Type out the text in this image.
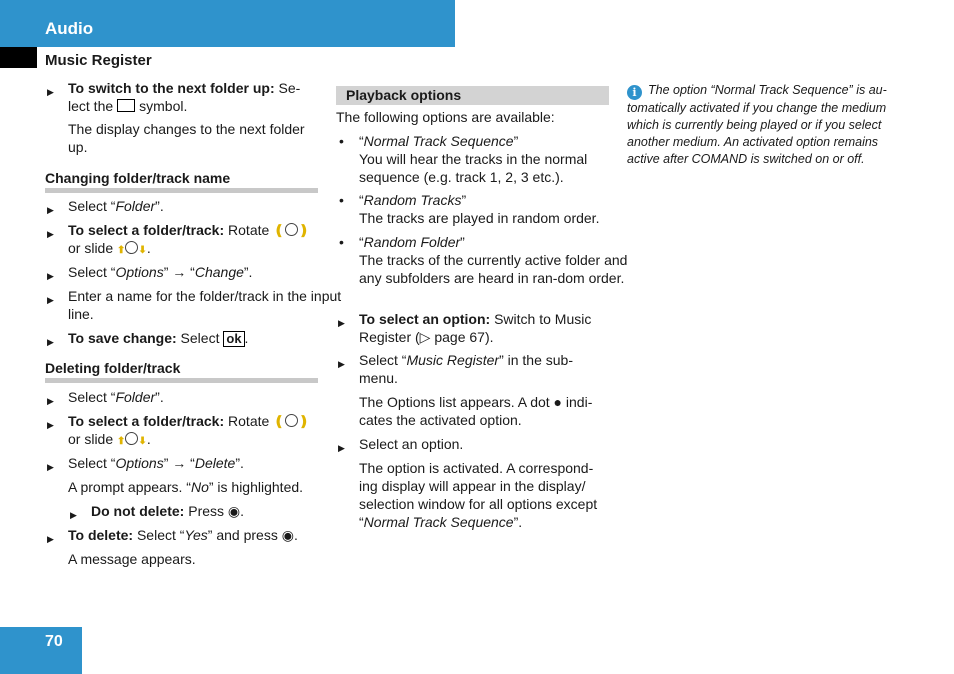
Audio
Music Register
▶ To switch to the next folder up: Se-
lect the symbol.
The display changes to the next folder up.
Changing folder/track name
▶ Select “Folder”.
▶ To select a folder/track: Rotate ❪ ❫
or slide ⬆ ⬇.
▶ Select “Options” → “Change”.
▶ Enter a name for the folder/track in the input line.
▶ To save change: Select ok .
Deleting folder/track
▶ Select “Folder”.
▶ To select a folder/track: Rotate ❪ ❫
or slide ⬆ ⬇.
▶ Select “Options” → “Delete”.
A prompt appears. “No” is highlighted.
▶ Do not delete: Press ◉.
▶ To delete: Select “Yes” and press ◉.
A message appears.
Playback options
The following options are available:
• “Normal Track Sequence”
You will hear the tracks in the normal sequence (e.g. track 1, 2, 3 etc.).
• “Random Tracks”
The tracks are played in random order.
• “Random Folder”
The tracks of the currently active folder and any subfolders are heard in ran-dom order.
▶ To select an option: Switch to Music Register (▷ page 67).
▶ Select “Music Register” in the sub-menu.
The Options list appears. A dot ● indi-cates the activated option.
▶ Select an option.
The option is activated. A correspond-ing display will appear in the display/ selection window for all options except “Normal Track Sequence”.
i The option “Normal Track Sequence” is au-tomatically activated if you change the medium which is currently being played or if you select another medium. An activated option remains active after COMAND is switched on or off.
70
